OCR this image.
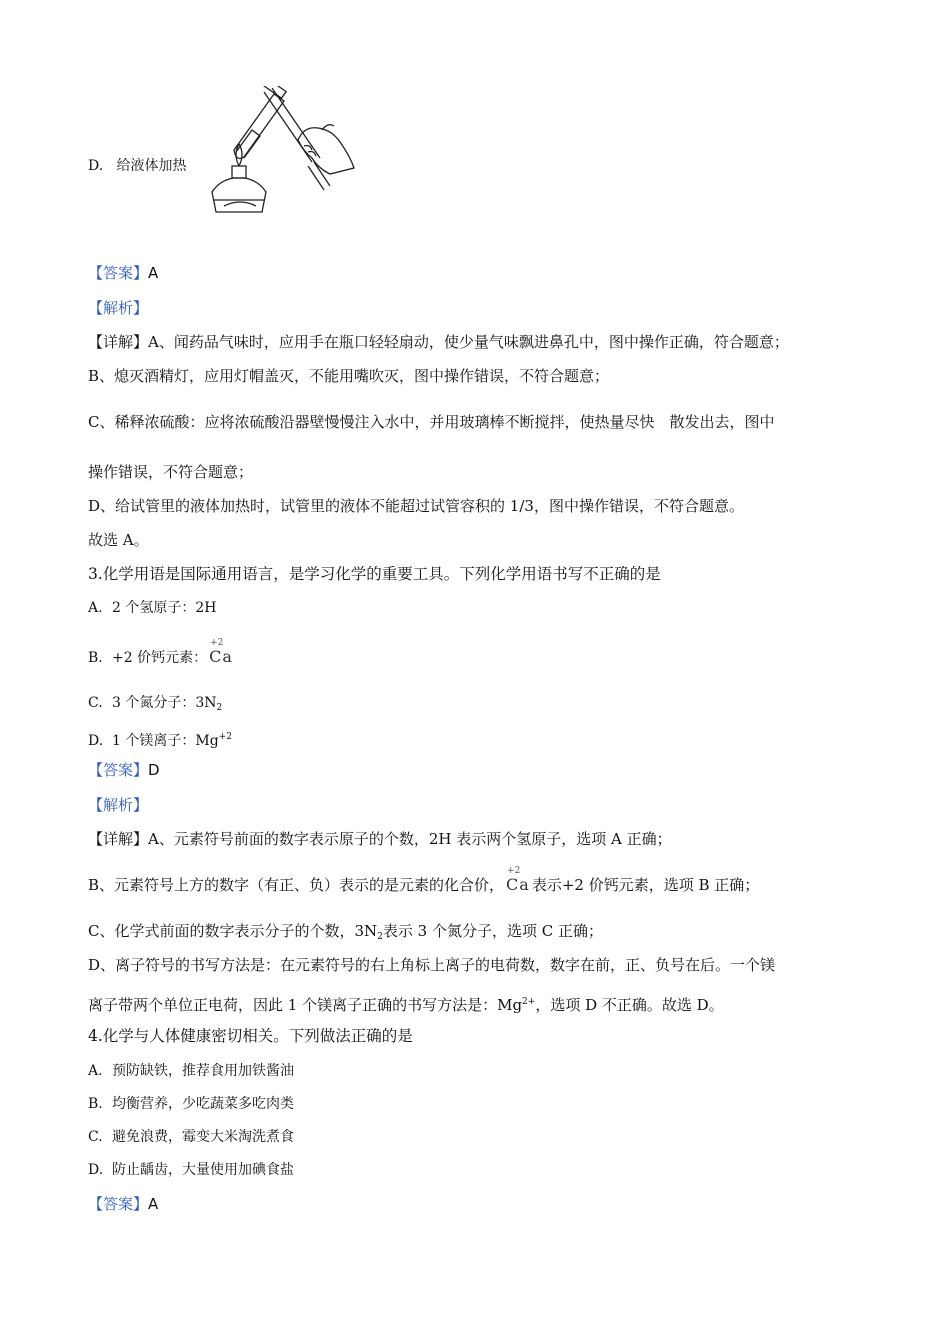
D. 给液体加热
【答案】A
【解析】
【详解】A、闻药品气味时，应用手在瓶口轻轻扇动，使少量气味飘进鼻孔中，图中操作正确，符合题意；
B、熄灭酒精灯，应用灯帽盖灭，不能用嘴吹灭，图中操作错误，不符合题意；
C、稀释浓硫酸：应将浓硫酸沿器壁慢慢注入水中，并用玻璃棒不断搅拌，使热量尽快　散发出去，图中
操作错误，不符合题意；
D、给试管里的液体加热时，试管里的液体不能超过试管容积的 1/3，图中操作错误，不符合题意。
故选 A。
3.化学用语是国际通用语言，是学习化学的重要工具。下列化学用语书写不正确的是
A. 2 个氢原子：2H
B. +2 价钙元素：
+2
Ca
C. 3 个氮分子：$3N_2$
D. 1 个镁离子：$Mg^{+2}$
【答案】D
【解析】
【详解】A、元素符号前面的数字表示原子的个数，2H 表示两个氢原子，选项 A 正确；
B、元素符号上方的数字（有正、负）表示的是元素的化合价，
+2
Ca 表示+2 价钙元素，选项 B 正确；
C、化学式前面的数字表示分子的个数，$3N_2$表示 3 个氮分子，选项 C 正确；
D、离子符号的书写方法是：在元素符号的右上角标上离子的电荷数，数字在前，正、负号在后。一个镁
离子带两个单位正电荷，因此 1 个镁离子正确的书写方法是：$Mg^{2+}$，选项 D 不正确。故选 D。
4.化学与人体健康密切相关。下列做法正确的是
A. 预防缺铁，推荐食用加铁酱油
B. 均衡营养，少吃蔬菜多吃肉类
C. 避免浪费，霉变大米淘洗煮食
D. 防止龋齿，大量使用加碘食盐
【答案】A
